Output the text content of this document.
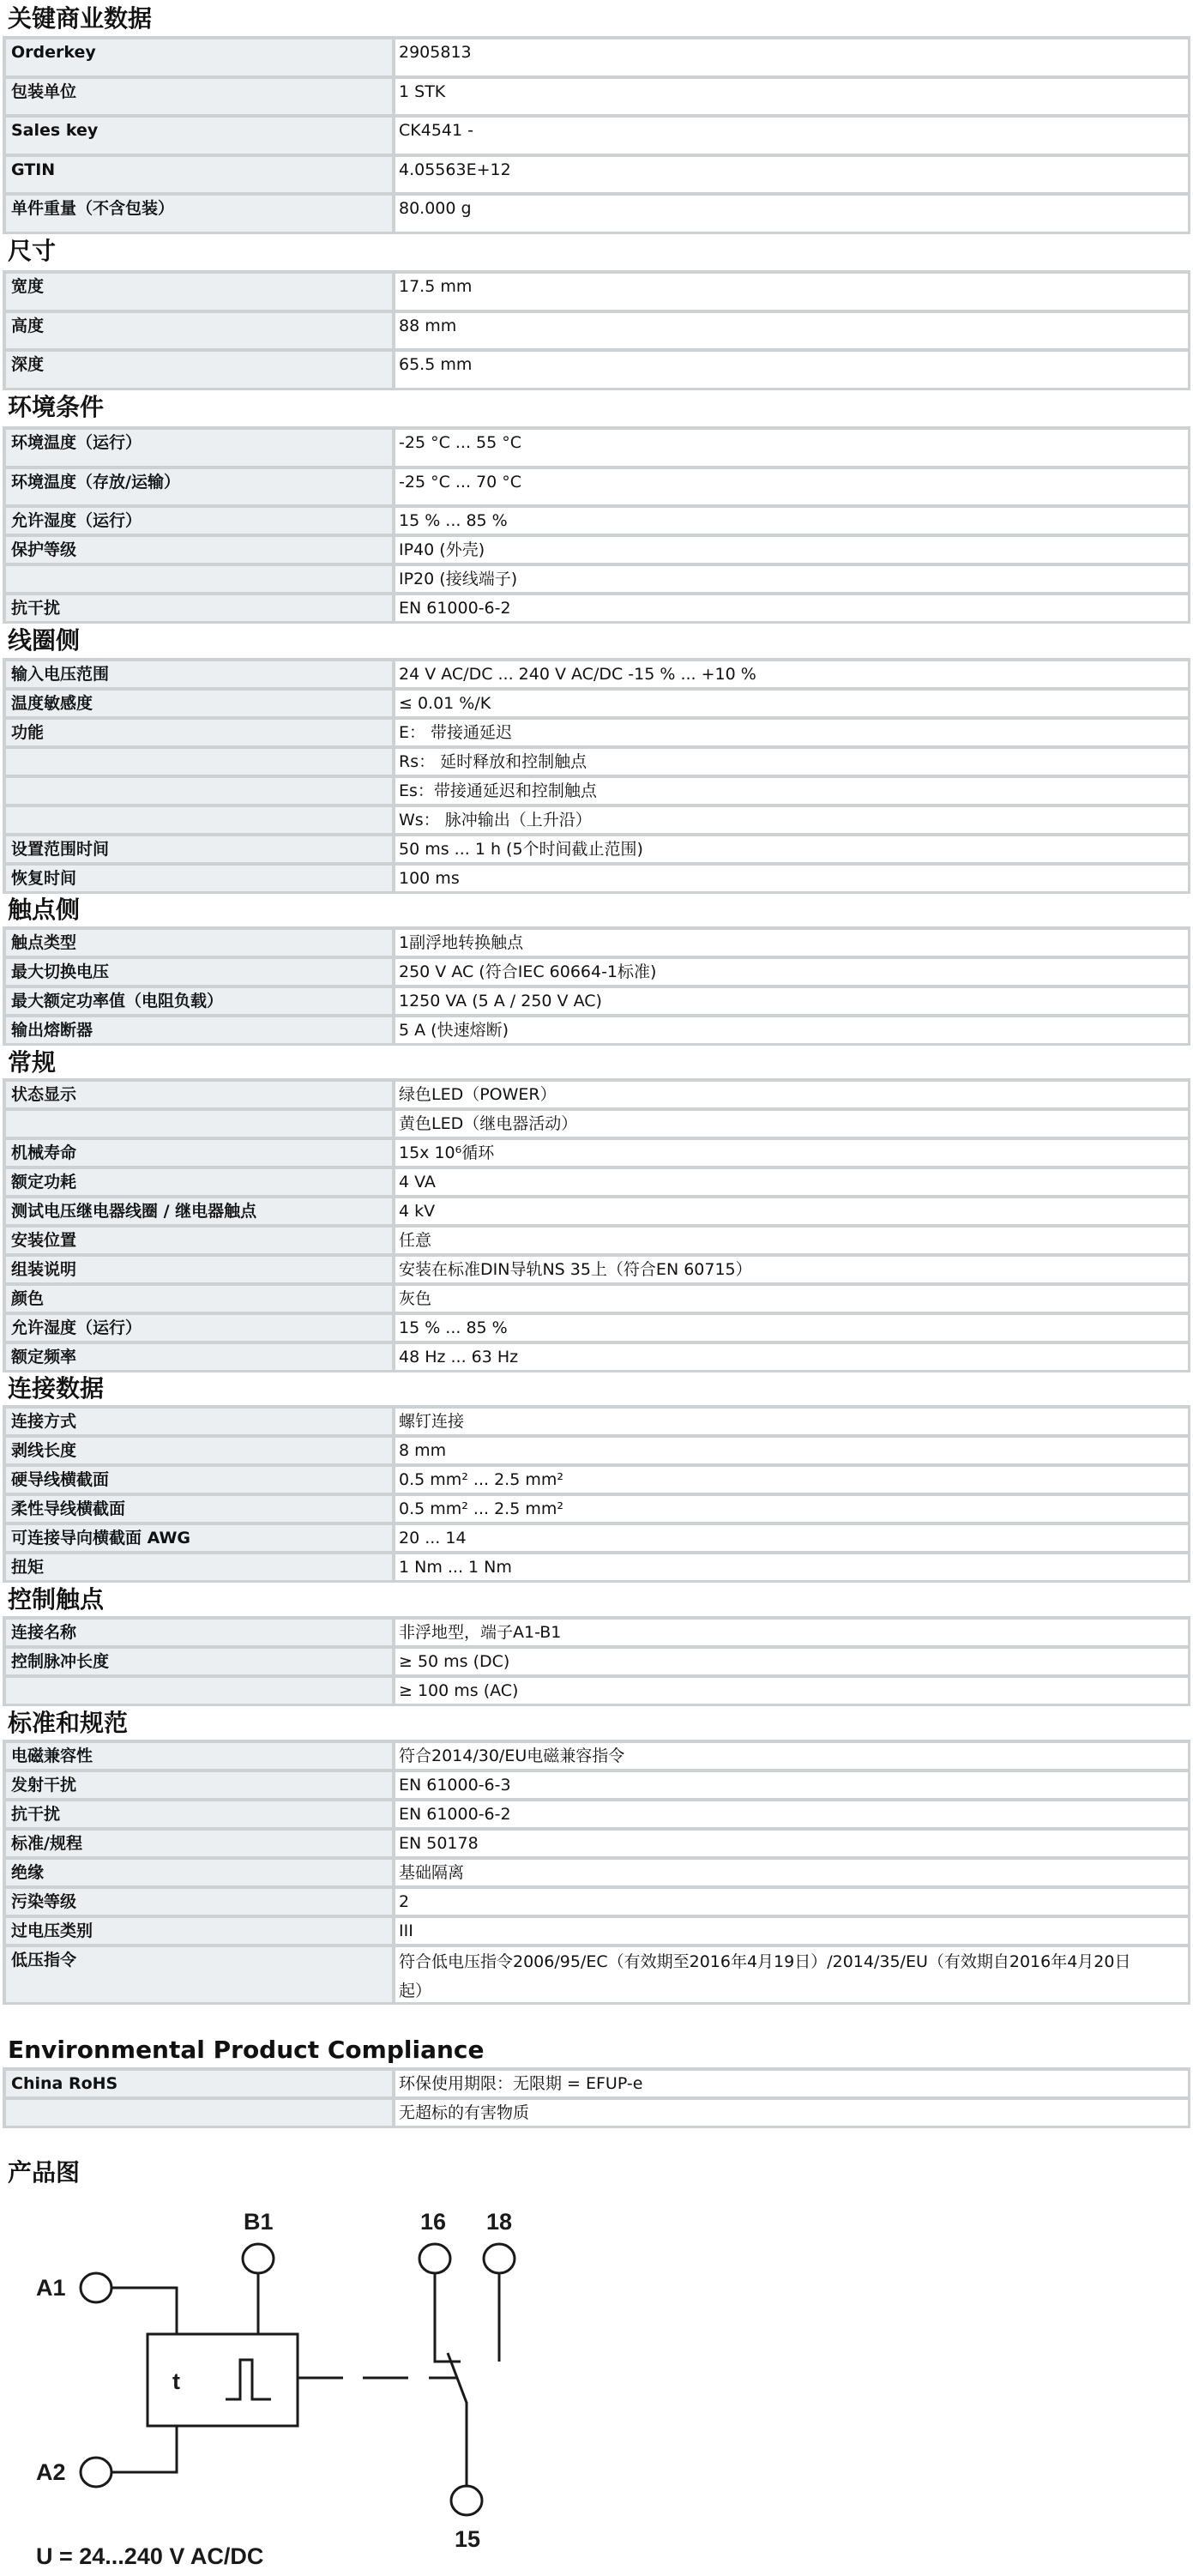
关键商业数据
Orderkey	2905813
包装单位	1 STK
Sales key	CK4541 -
GTIN	4.05563E+12
单件重量（不含包装）	80.000 g
尺寸
宽度	17.5 mm
高度	88 mm
深度	65.5 mm
环境条件
环境温度（运行）	-25 °C ... 55 °C
环境温度（存放/运输）	-25 °C ... 70 °C
允许湿度（运行）	15 % ... 85 %
保护等级	IP40 (外壳)
IP20 (接线端子)
抗干扰	EN 61000-6-2
线圈侧
输入电压范围	24 V AC/DC ... 240 V AC/DC -15 % ... +10 %
温度敏感度	≤ 0.01 %/K
功能	E： 带接通延迟
Rs： 延时释放和控制触点
Es：带接通延迟和控制触点
Ws： 脉冲输出（上升沿）
设置范围时间	50 ms ... 1 h (5个时间截止范围)
恢复时间	100 ms
触点侧
触点类型	1副浮地转换触点
最大切换电压	250 V AC (符合IEC 60664-1标准)
最大额定功率值（电阻负载）	1250 VA (5 A / 250 V AC)
输出熔断器	5 A (快速熔断)
常规
状态显示	绿色LED（POWER）
黄色LED（继电器活动）
机械寿命	15x 10⁶循环
额定功耗	4 VA
测试电压继电器线圈 / 继电器触点	4 kV
安装位置	任意
组装说明	安装在标准DIN导轨NS 35上（符合EN 60715）
颜色	灰色
允许湿度（运行）	15 % ... 85 %
额定频率	48 Hz ... 63 Hz
连接数据
连接方式	螺钉连接
剥线长度	8 mm
硬导线横截面	0.5 mm² ... 2.5 mm²
柔性导线横截面	0.5 mm² ... 2.5 mm²
可连接导向横截面 AWG	20 ... 14
扭矩	1 Nm ... 1 Nm
控制触点
连接名称	非浮地型，端子A1-B1
控制脉冲长度	≥ 50 ms (DC)
≥ 100 ms (AC)
标准和规范
电磁兼容性	符合2014/30/EU电磁兼容指令
发射干扰	EN 61000-6-3
抗干扰	EN 61000-6-2
标准/规程	EN 50178
绝缘	基础隔离
污染等级	2
过电压类别	III
低压指令	符合低电压指令2006/95/EC（有效期至2016年4月19日）/2014/35/EU（有效期自2016年4月20日起）
Environmental Product Compliance
China RoHS	环保使用期限：无限期 = EFUP-e
无超标的有害物质
产品图
B1	16 18
A1
A2
t
15
U = 24...240 V AC/DC
